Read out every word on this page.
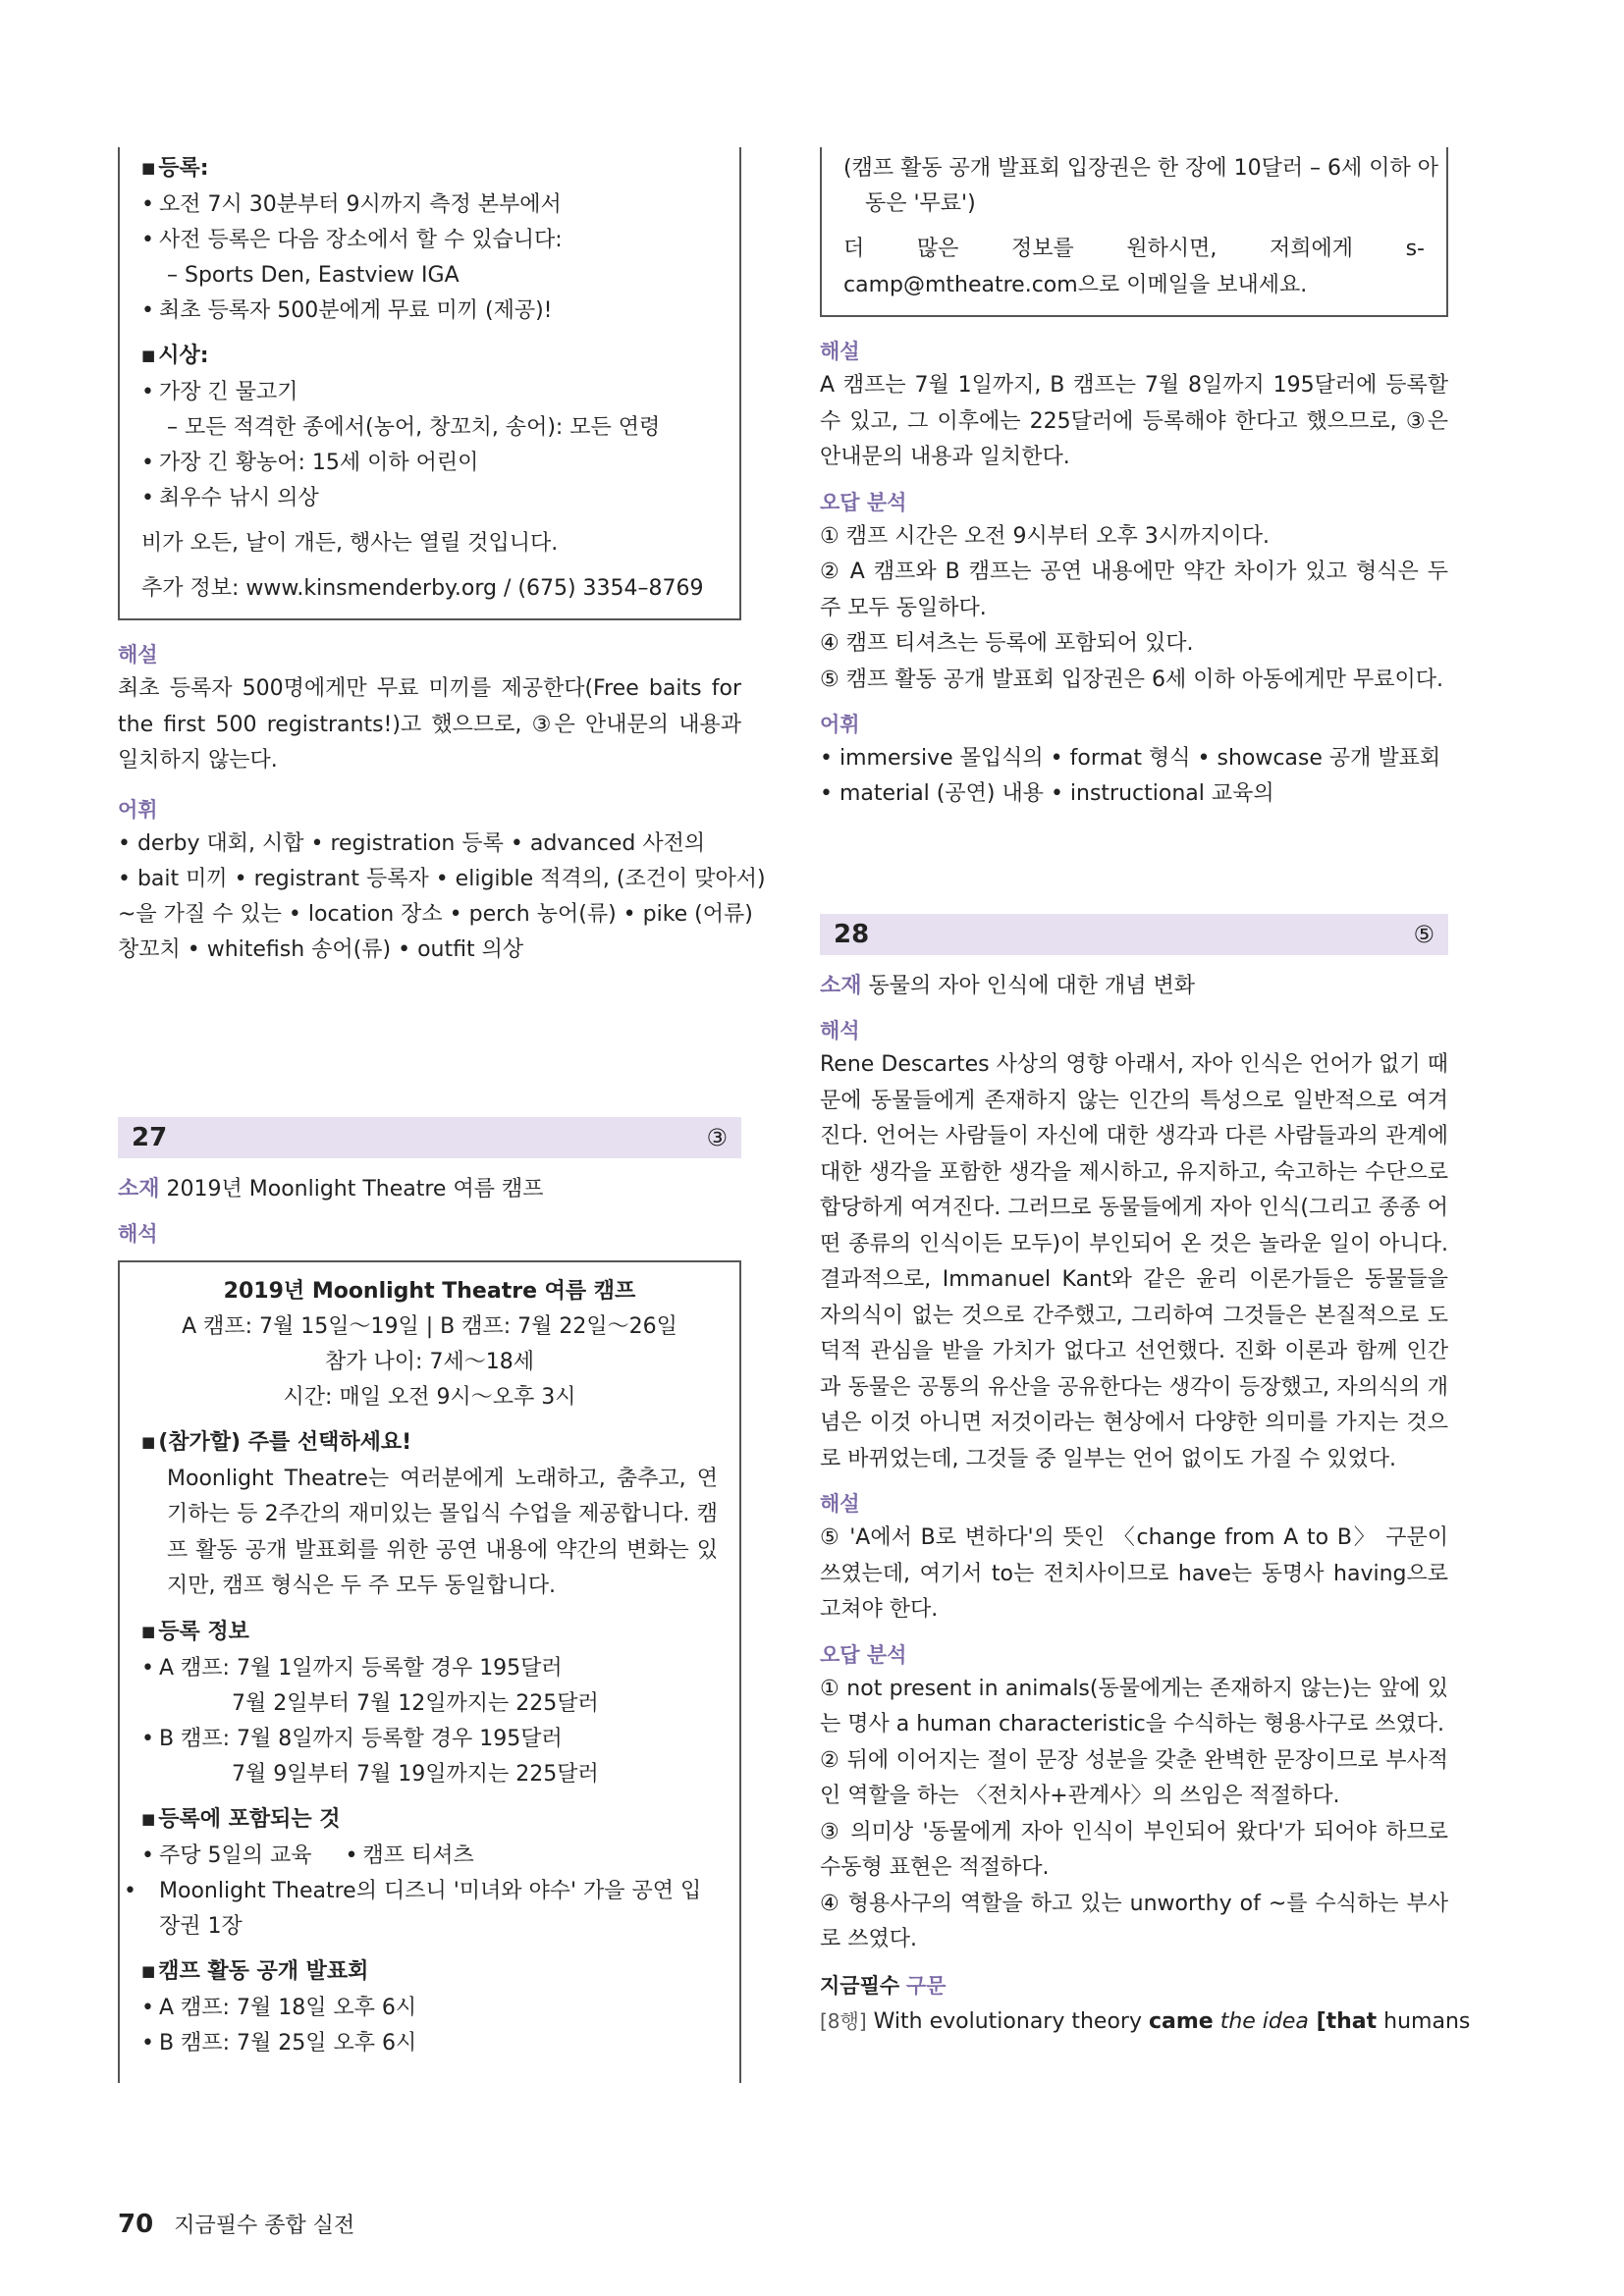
■ 등록:
• 오전 7시 30분부터 9시까지 측정 본부에서
• 사전 등록은 다음 장소에서 할 수 있습니다:
– Sports Den, Eastview IGA
• 최초 등록자 500분에게 무료 미끼 (제공)!
■ 시상:
• 가장 긴 물고기
– 모든 적격한 종에서(농어, 창꼬치, 송어): 모든 연령
• 가장 긴 황농어: 15세 이하 어린이
• 최우수 낚시 의상
비가 오든, 날이 개든, 행사는 열릴 것입니다.
추가 정보: www.kinsmenderby.org / (675) 3354–8769
해설
최초 등록자 500명에게만 무료 미끼를 제공한다(Free baits for the first 500 registrants!)고 했으므로, ③은 안내문의 내용과 일치하지 않는다.
어휘
• derby 대회, 시합 • registration 등록 • advanced 사전의
• bait 미끼 • registrant 등록자 • eligible 적격의, (조건이 맞아서)
~을 가질 수 있는 • location 장소 • perch 농어(류) • pike (어류)
창꼬치 • whitefish 송어(류) • outfit 의상
27	③
소재 2019년 Moonlight Theatre 여름 캠프
해석
2019년 Moonlight Theatre 여름 캠프
A 캠프: 7월 15일～19일 | B 캠프: 7월 22일～26일
참가 나이: 7세～18세
시간: 매일 오전 9시～오후 3시
■ (참가할) 주를 선택하세요!
Moonlight Theatre는 여러분에게 노래하고, 춤추고, 연기하는 등 2주간의 재미있는 몰입식 수업을 제공합니다. 캠프 활동 공개 발표회를 위한 공연 내용에 약간의 변화는 있지만, 캠프 형식은 두 주 모두 동일합니다.
■ 등록 정보
• A 캠프: 7월 1일까지 등록할 경우 195달러
7월 2일부터 7월 12일까지는 225달러
• B 캠프: 7월 8일까지 등록할 경우 195달러
7월 9일부터 7월 19일까지는 225달러
■ 등록에 포함되는 것
• 주당 5일의 교육 • 캠프 티셔츠
• Moonlight Theatre의 디즈니 '미녀와 야수' 가을 공연 입장권 1장
■ 캠프 활동 공개 발표회
• A 캠프: 7월 18일 오후 6시
• B 캠프: 7월 25일 오후 6시
(캠프 활동 공개 발표회 입장권은 한 장에 10달러 – 6세 이하 아
동은 '무료')
더 많은 정보를 원하시면, 저희에게 s-camp@mtheatre.com으로 이메일을 보내세요.
해설
A 캠프는 7월 1일까지, B 캠프는 7월 8일까지 195달러에 등록할 수 있고, 그 이후에는 225달러에 등록해야 한다고 했으므로, ③은 안내문의 내용과 일치한다.
오답 분석
① 캠프 시간은 오전 9시부터 오후 3시까지이다.
② A 캠프와 B 캠프는 공연 내용에만 약간 차이가 있고 형식은 두 주 모두 동일하다.
④ 캠프 티셔츠는 등록에 포함되어 있다.
⑤ 캠프 활동 공개 발표회 입장권은 6세 이하 아동에게만 무료이다.
어휘
• immersive 몰입식의 • format 형식 • showcase 공개 발표회
• material (공연) 내용 • instructional 교육의
28	⑤
소재 동물의 자아 인식에 대한 개념 변화
해석
Rene Descartes 사상의 영향 아래서, 자아 인식은 언어가 없기 때문에 동물들에게 존재하지 않는 인간의 특성으로 일반적으로 여겨진다. 언어는 사람들이 자신에 대한 생각과 다른 사람들과의 관계에 대한 생각을 포함한 생각을 제시하고, 유지하고, 숙고하는 수단으로 합당하게 여겨진다. 그러므로 동물들에게 자아 인식(그리고 종종 어떤 종류의 인식이든 모두)이 부인되어 온 것은 놀라운 일이 아니다. 결과적으로, Immanuel Kant와 같은 윤리 이론가들은 동물들을 자의식이 없는 것으로 간주했고, 그리하여 그것들은 본질적으로 도덕적 관심을 받을 가치가 없다고 선언했다. 진화 이론과 함께 인간과 동물은 공통의 유산을 공유한다는 생각이 등장했고, 자의식의 개념은 이것 아니면 저것이라는 현상에서 다양한 의미를 가지는 것으로 바뀌었는데, 그것들 중 일부는 언어 없이도 가질 수 있었다.
해설
⑤ 'A에서 B로 변하다'의 뜻인 〈change from A to B〉 구문이 쓰였는데, 여기서 to는 전치사이므로 have는 동명사 having으로 고쳐야 한다.
오답 분석
① not present in animals(동물에게는 존재하지 않는)는 앞에 있는 명사 a human characteristic을 수식하는 형용사구로 쓰였다.
② 뒤에 이어지는 절이 문장 성분을 갖춘 완벽한 문장이므로 부사적인 역할을 하는 〈전치사+관계사〉의 쓰임은 적절하다.
③ 의미상 '동물에게 자아 인식이 부인되어 왔다'가 되어야 하므로 수동형 표현은 적절하다.
④ 형용사구의 역할을 하고 있는 unworthy of ~를 수식하는 부사로 쓰였다.
지금필수 구문
[8행] With evolutionary theory came the idea [that humans
70 지금필수 종합 실전
